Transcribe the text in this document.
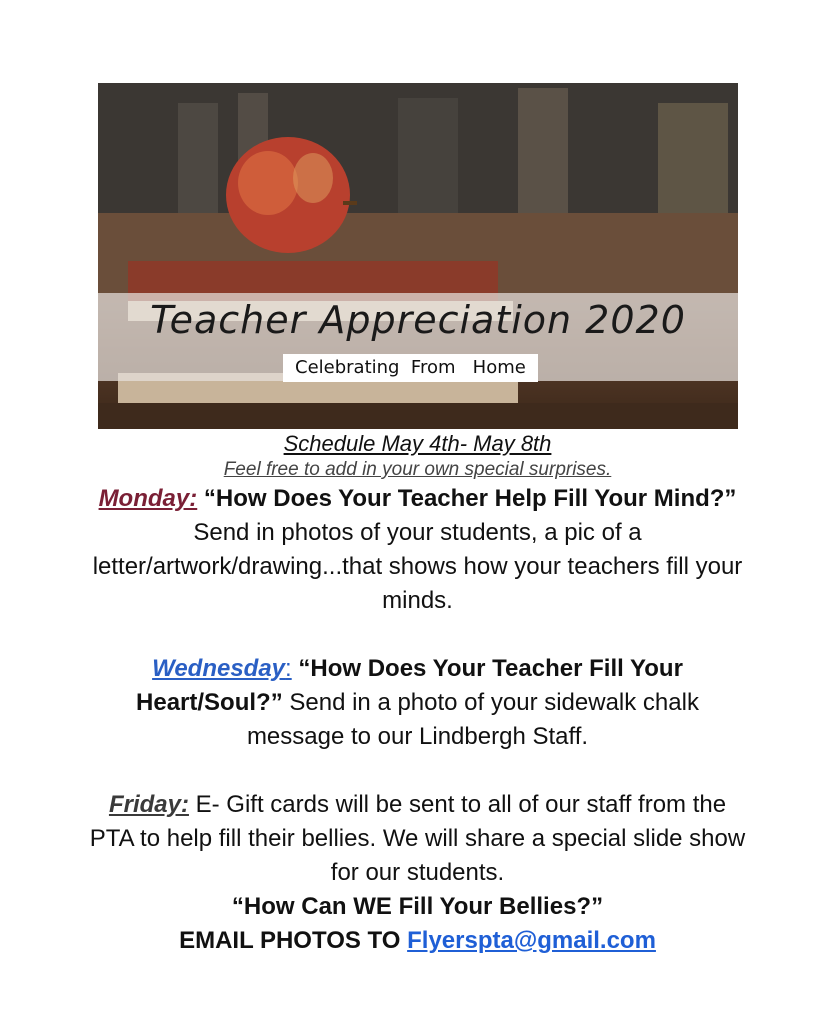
Teacher Appreciation 2020
Celebrating  From   Home
Schedule May 4th- May 8th
Feel free to add in your own special surprises.

Monday: “How Does Your Teacher Help Fill Your Mind?” Send in photos of your students, a pic of a letter/artwork/drawing...that shows how your teachers fill your minds.

Wednesday: “How Does Your Teacher Fill Your Heart/Soul?” Send in a photo of your sidewalk chalk message to our Lindbergh Staff.

Friday: E- Gift cards will be sent to all of our staff from the PTA to help fill their bellies. We will share a special slide show for our students.
“How Can WE Fill Your Bellies?”
EMAIL PHOTOS TO Flyerspta@gmail.com
